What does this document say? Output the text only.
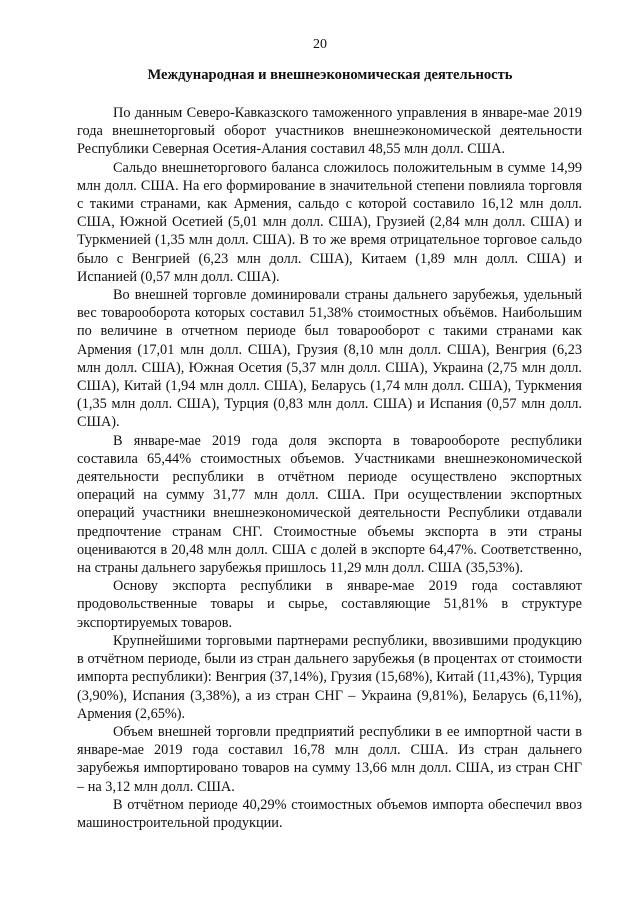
20
Международная и внешнеэкономическая деятельность

По данным Северо-Кавказского таможенного управления в январе-мае 2019 года внешнеторговый оборот участников внешнеэкономической деятельности Республики Северная Осетия-Алания составил 48,55 млн долл. США.

Сальдо внешнеторгового баланса сложилось положительным в сумме 14,99 млн долл. США. На его формирование в значительной степени повлияла торговля с такими странами, как Армения, сальдо с которой составило 16,12 млн долл. США, Южной Осетией (5,01 млн долл. США), Грузией (2,84 млн долл. США) и Туркменией (1,35 млн долл. США). В то же время отрицательное торговое сальдо было с Венгрией (6,23 млн долл. США), Китаем (1,89 млн долл. США) и Испанией (0,57 млн долл. США).

Во внешней торговле доминировали страны дальнего зарубежья, удельный вес товарооборота которых составил 51,38% стоимостных объёмов. Наибольшим по величине в отчетном периоде был товарооборот с такими странами как Армения (17,01 млн долл. США), Грузия (8,10 млн долл. США), Венгрия (6,23 млн долл. США), Южная Осетия (5,37 млн долл. США), Украина (2,75 млн долл. США), Китай (1,94 млн долл. США), Беларусь (1,74 млн долл. США), Туркмения (1,35 млн долл. США), Турция (0,83 млн долл. США) и Испания (0,57 млн долл. США).

В январе-мае 2019 года доля экспорта в товарообороте республики составила 65,44% стоимостных объемов. Участниками внешнеэкономической деятельности республики в отчётном периоде осуществлено экспортных операций на сумму 31,77 млн долл. США. При осуществлении экспортных операций участники внешнеэкономической деятельности Республики отдавали предпочтение странам СНГ. Стоимостные объемы экспорта в эти страны оцениваются в 20,48 млн долл. США с долей в экспорте 64,47%. Соответственно, на страны дальнего зарубежья пришлось 11,29 млн долл. США (35,53%).

Основу экспорта республики в январе-мае 2019 года составляют продовольственные товары и сырье, составляющие 51,81% в структуре экспортируемых товаров.

Крупнейшими торговыми партнерами республики, ввозившими продукцию в отчётном периоде, были из стран дальнего зарубежья (в процентах от стоимости импорта республики): Венгрия (37,14%), Грузия (15,68%), Китай (11,43%), Турция (3,90%), Испания (3,38%), а из стран СНГ – Украина (9,81%), Беларусь (6,11%), Армения (2,65%).

Объем внешней торговли предприятий республики в ее импортной части в январе-мае 2019 года составил 16,78 млн долл. США. Из стран дальнего зарубежья импортировано товаров на сумму 13,66 млн долл. США, из стран СНГ – на 3,12 млн долл. США.

В отчётном периоде 40,29% стоимостных объемов импорта обеспечил ввоз машиностроительной продукции.
